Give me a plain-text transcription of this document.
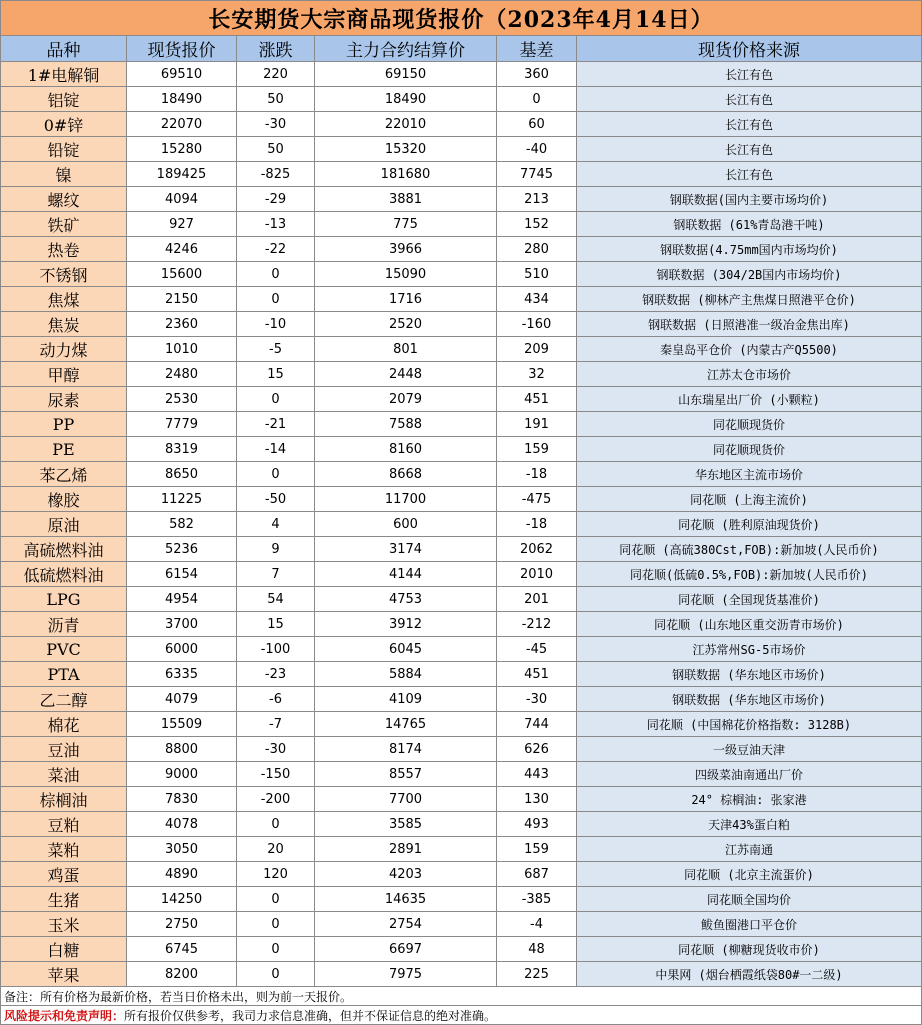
长安期货大宗商品现货报价（2023年4月14日）					
品种	现货报价	涨跌	主力合约结算价	基差	现货价格来源
1#电解铜	69510	220	69150	360	长江有色
铝锭	18490	50	18490	0	长江有色
0#锌	22070	-30	22010	60	长江有色
铅锭	15280	50	15320	-40	长江有色
镍	189425	-825	181680	7745	长江有色
螺纹	4094	-29	3881	213	钢联数据(国内主要市场均价)
铁矿	927	-13	775	152	钢联数据 (61%青岛港干吨)
热卷	4246	-22	3966	280	钢联数据(4.75mm国内市场均价)
不锈钢	15600	0	15090	510	钢联数据 (304/2B国内市场均价)
焦煤	2150	0	1716	434	钢联数据 (柳林产主焦煤日照港平仓价)
焦炭	2360	-10	2520	-160	钢联数据 (日照港准一级冶金焦出库)
动力煤	1010	-5	801	209	秦皇岛平仓价 (内蒙古产Q5500)
甲醇	2480	15	2448	32	江苏太仓市场价
尿素	2530	0	2079	451	山东瑞星出厂价 (小颗粒)
PP	7779	-21	7588	191	同花顺现货价
PE	8319	-14	8160	159	同花顺现货价
苯乙烯	8650	0	8668	-18	华东地区主流市场价
橡胶	11225	-50	11700	-475	同花顺 (上海主流价)
原油	582	4	600	-18	同花顺 (胜利原油现货价)
高硫燃料油	5236	9	3174	2062	同花顺 (高硫380Cst,FOB):新加坡(人民币价)
低硫燃料油	6154	7	4144	2010	同花顺(低硫0.5%,FOB):新加坡(人民币价)
LPG	4954	54	4753	201	同花顺 (全国现货基准价)
沥青	3700	15	3912	-212	同花顺 (山东地区重交沥青市场价)
PVC	6000	-100	6045	-45	江苏常州SG-5市场价
PTA	6335	-23	5884	451	钢联数据 (华东地区市场价)
乙二醇	4079	-6	4109	-30	钢联数据 (华东地区市场价)
棉花	15509	-7	14765	744	同花顺 (中国棉花价格指数: 3128B)
豆油	8800	-30	8174	626	一级豆油天津
菜油	9000	-150	8557	443	四级菜油南通出厂价
棕榈油	7830	-200	7700	130	24° 棕榈油: 张家港
豆粕	4078	0	3585	493	天津43%蛋白粕
菜粕	3050	20	2891	159	江苏南通
鸡蛋	4890	120	4203	687	同花顺 (北京主流蛋价)
生猪	14250	0	14635	-385	同花顺全国均价
玉米	2750	0	2754	-4	鲅鱼圈港口平仓价
白糖	6745	0	6697	48	同花顺 (柳糖现货收市价)
苹果	8200	0	7975	225	中果网 (烟台栖霞纸袋80#一二级)
备注：所有价格为最新价格，若当日价格未出，则为前一天报价。					
风险提示和免责声明：所有报价仅供参考，我司力求信息准确，但并不保证信息的绝对准确。					
